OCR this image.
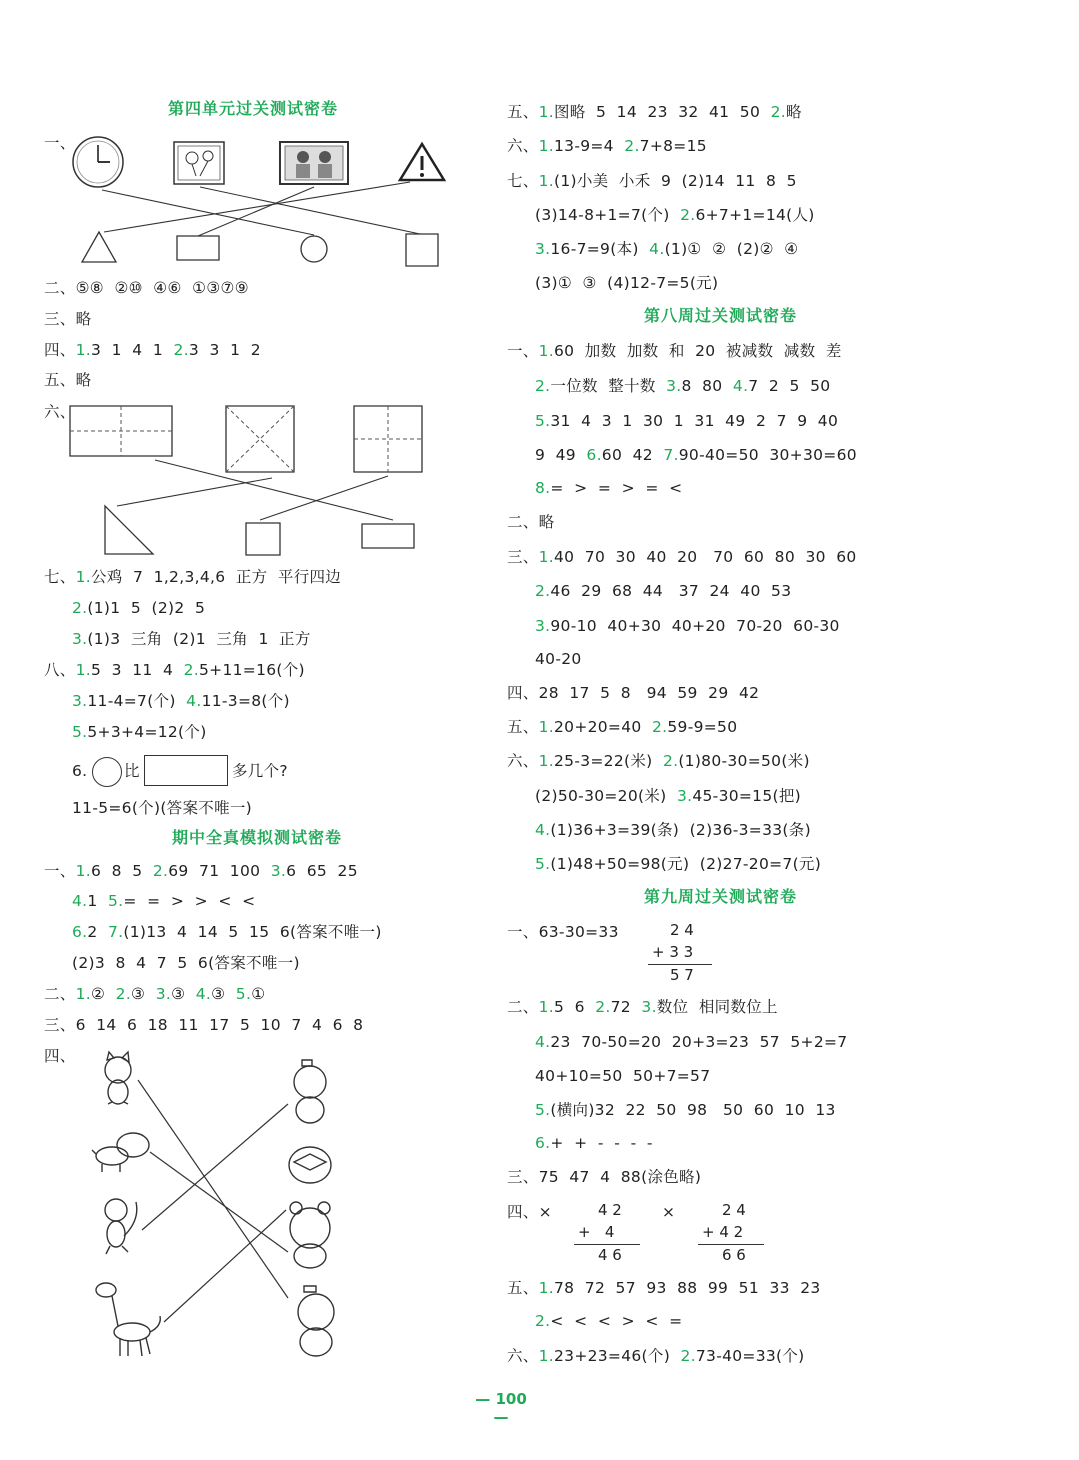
第四单元过关测试密卷
一、
二、⑤⑧  ②⑩  ④⑥  ①③⑦⑨
三、略
四、1.3  1  4  1  2.3  3  1  2
五、略
六、
七、1.公鸡  7  1,2,3,4,6  正方  平行四边
2.(1)1  5  (2)2  5
3.(1)3  三角  (2)1  三角  1  正方
八、1.5  3  11  4  2.5+11=16(个)
3.11-4=7(个)  4.11-3=8(个)
5.5+3+4=12(个)
6. 比	多几个?
11-5=6(个)(答案不唯一)
期中全真模拟测试密卷
一、1.6  8  5  2.69  71  100  3.6  65  25
4.1  5.=  =  >  >  <  <
6.2  7.(1)13  4  14  5  15  6(答案不唯一)
(2)3  8  4  7  5  6(答案不唯一)
二、1.②  2.③  3.③  4.③  5.①
三、6  14  6  18  11  17  5  10  7  4  6  8
四、
五、1.图略  5  14  23  32  41  50  2.略
六、1.13-9=4  2.7+8=15
七、1.(1)小美  小禾  9  (2)14  11  8  5
(3)14-8+1=7(个)  2.6+7+1=14(人)
3.16-7=9(本)  4.(1)①  ②  (2)②  ④
(3)①  ③  (4)12-7=5(元)
第八周过关测试密卷
一、1.60  加数  加数  和  20  被减数  减数  差
2.一位数  整十数  3.8  80  4.7  2  5  50
5.31  4  3  1  30  1  31  49  2  7  9  40
9  49  6.60  42  7.90-40=50  30+30=60
8.=  >  =  >  =  <
二、略
三、1.40  70  30  40  20   70  60  80  30  60
2.46  29  68  44   37  24  40  53
3.90-10  40+30  40+20  70-20  60-30
40-20
四、28  17  5  8   94  59  29  42
五、1.20+20=40  2.59-9=50
六、1.25-3=22(米)  2.(1)80-30=50(米)
(2)50-30=20(米)  3.45-30=15(把)
4.(1)36+3=39(条)  (2)36-3=33(条)
5.(1)48+50=98(元)  (2)27-20=7(元)
第九周过关测试密卷
一、63-30=33	2 4
+ 3 3
5 7
二、1.5  6  2.72  3.数位  相同数位上
4.23  70-50=20  20+3=23  57  5+2=7
40+10=50  50+7=57
5.(横向)32  22  50  98   50  60  10  13
6.+  +  -  -  -  -
三、75  47  4  88(涂色略)
四、×	4 2
+   4
4 6
×	2 4
+ 4 2
6 6
五、1.78  72  57  93  88  99  51  33  23
2.<  <  <  >  <  =
六、1.23+23=46(个)  2.73-40=33(个)
— 100 —
